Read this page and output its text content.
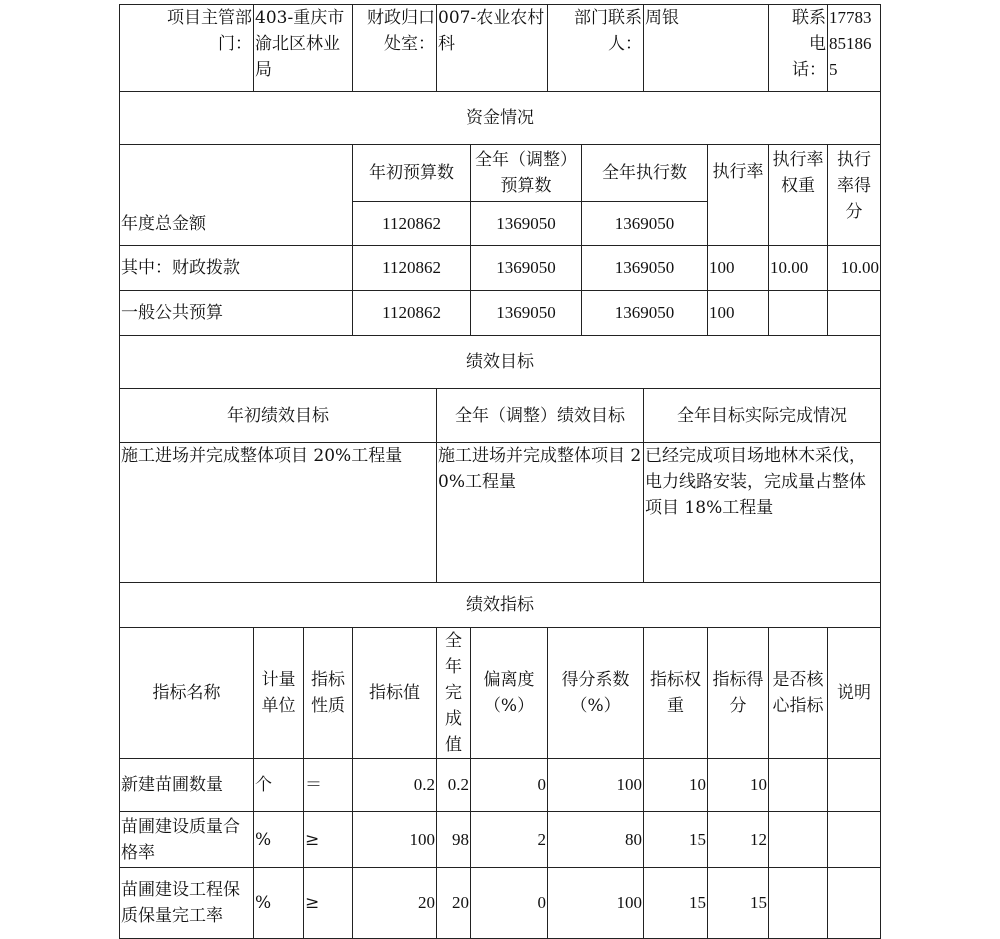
项目主管部门：	403-重庆市渝北区林业局		财政归口处室：	007-农业农村科		部门联系人：		周银		联系电话：	17783851865
资金情况											
年度总金额			年初预算数		全年（调整）预算数		全年执行数		执行率	执行率权重	执行率得分
			1120862		1369050		1369050				
其中：财政拨款			1120862		1369050		1369050		100	10.00	10.00
一般公共预算			1120862		1369050		1369050		100		
绩效目标											
年初绩效目标				全年（调整）绩效目标				全年目标实际完成情况			
施工进场并完成整体项目 20%工程量				施工进场并完成整体项目 20%工程量				已经完成项目场地林木采伐，电力线路安装，完成量占整体项目 18%工程量			
绩效指标											
指标名称	计量单位	指标性质	指标值	全年完成值	偏离度（%）	得分系数（%）		指标权重	指标得分	是否核心指标	说明
新建苗圃数量	个	＝	0.2	0.2	0	100		10	10		
苗圃建设质量合格率	%	≥	100	98	2	80		15	12		
苗圃建设工程保质保量完工率	%	≥	20	20	0	100		15	15		
